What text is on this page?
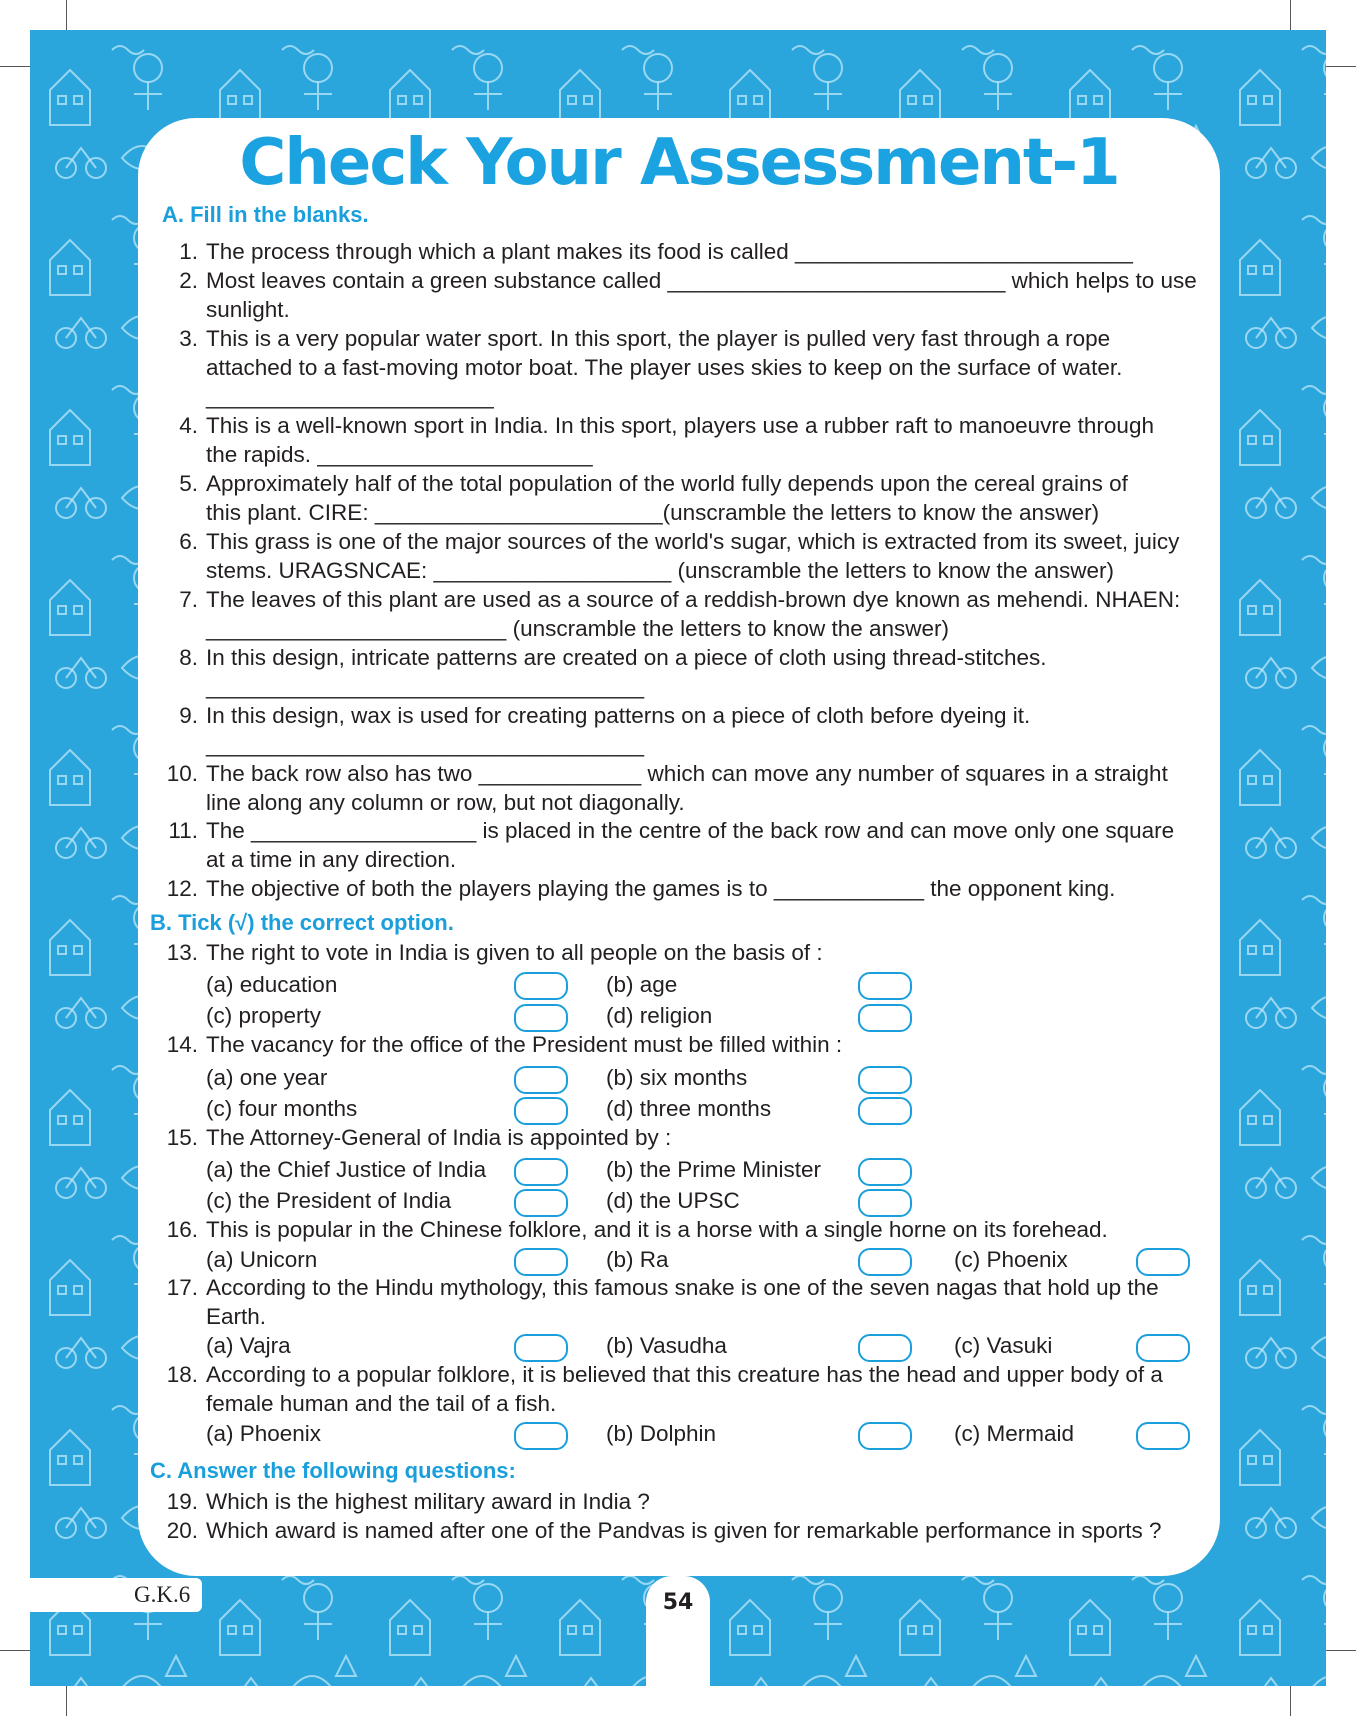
Check Your Assessment-1
A. Fill in the blanks.
B. Tick (√) the correct option.
C. Answer the following questions:
1. The process through which a plant makes its food is called ___________________________
2. Most leaves contain a green substance called ___________________________ which helps to use
sunlight.
3. This is a very popular water sport. In this sport, the player is pulled very fast through a rope
attached to a fast-moving motor boat. The player uses skies to keep on the surface of water.
_______________________
4. This is a well-known sport in India. In this sport, players use a rubber raft to manoeuvre through
the rapids. ______________________
5. Approximately half of the total population of the world fully depends upon the cereal grains of
this plant. CIRE: _______________________(unscramble the letters to know the answer)
6. This grass is one of the major sources of the world's sugar, which is extracted from its sweet, juicy
stems. URAGSNCAE: ___________________ (unscramble the letters to know the answer)
7. The leaves of this plant are used as a source of a reddish-brown dye known as mehendi. NHAEN:
________________________ (unscramble the letters to know the answer)
8. In this design, intricate patterns are created on a piece of cloth using thread-stitches.
___________________________________
9. In this design, wax is used for creating patterns on a piece of cloth before dyeing it.
___________________________________
10. The back row also has two _____________ which can move any number of squares in a straight
line along any column or row, but not diagonally.
11. The __________________ is placed in the centre of the back row and can move only one square
at a time in any direction.
12. The objective of both the players playing the games is to ____________ the opponent king.
13. The right to vote in India is given to all people on the basis of :
(a) education	(b) age
(c) property	(d) religion
14. The vacancy for the office of the President must be filled within :
(a) one year	(b) six months
(c) four months	(d) three months
15. The Attorney-General of India is appointed by :
(a) the Chief Justice of India	(b) the Prime Minister
(c) the President of India	(d) the UPSC
16. This is popular in the Chinese folklore, and it is a horse with a single horne on its forehead.
(a) Unicorn	(b) Ra	(c) Phoenix
17. According to the Hindu mythology, this famous snake is one of the seven nagas that hold up the
Earth.
(a) Vajra	(b) Vasudha	(c) Vasuki
18. According to a popular folklore, it is believed that this creature has the head and upper body of a
female human and the tail of a fish.
(a) Phoenix	(b) Dolphin	(c) Mermaid
19. Which is the highest military award in India ?
20. Which award is named after one of the Pandvas is given for remarkable performance in sports ?
G.K.6	54
